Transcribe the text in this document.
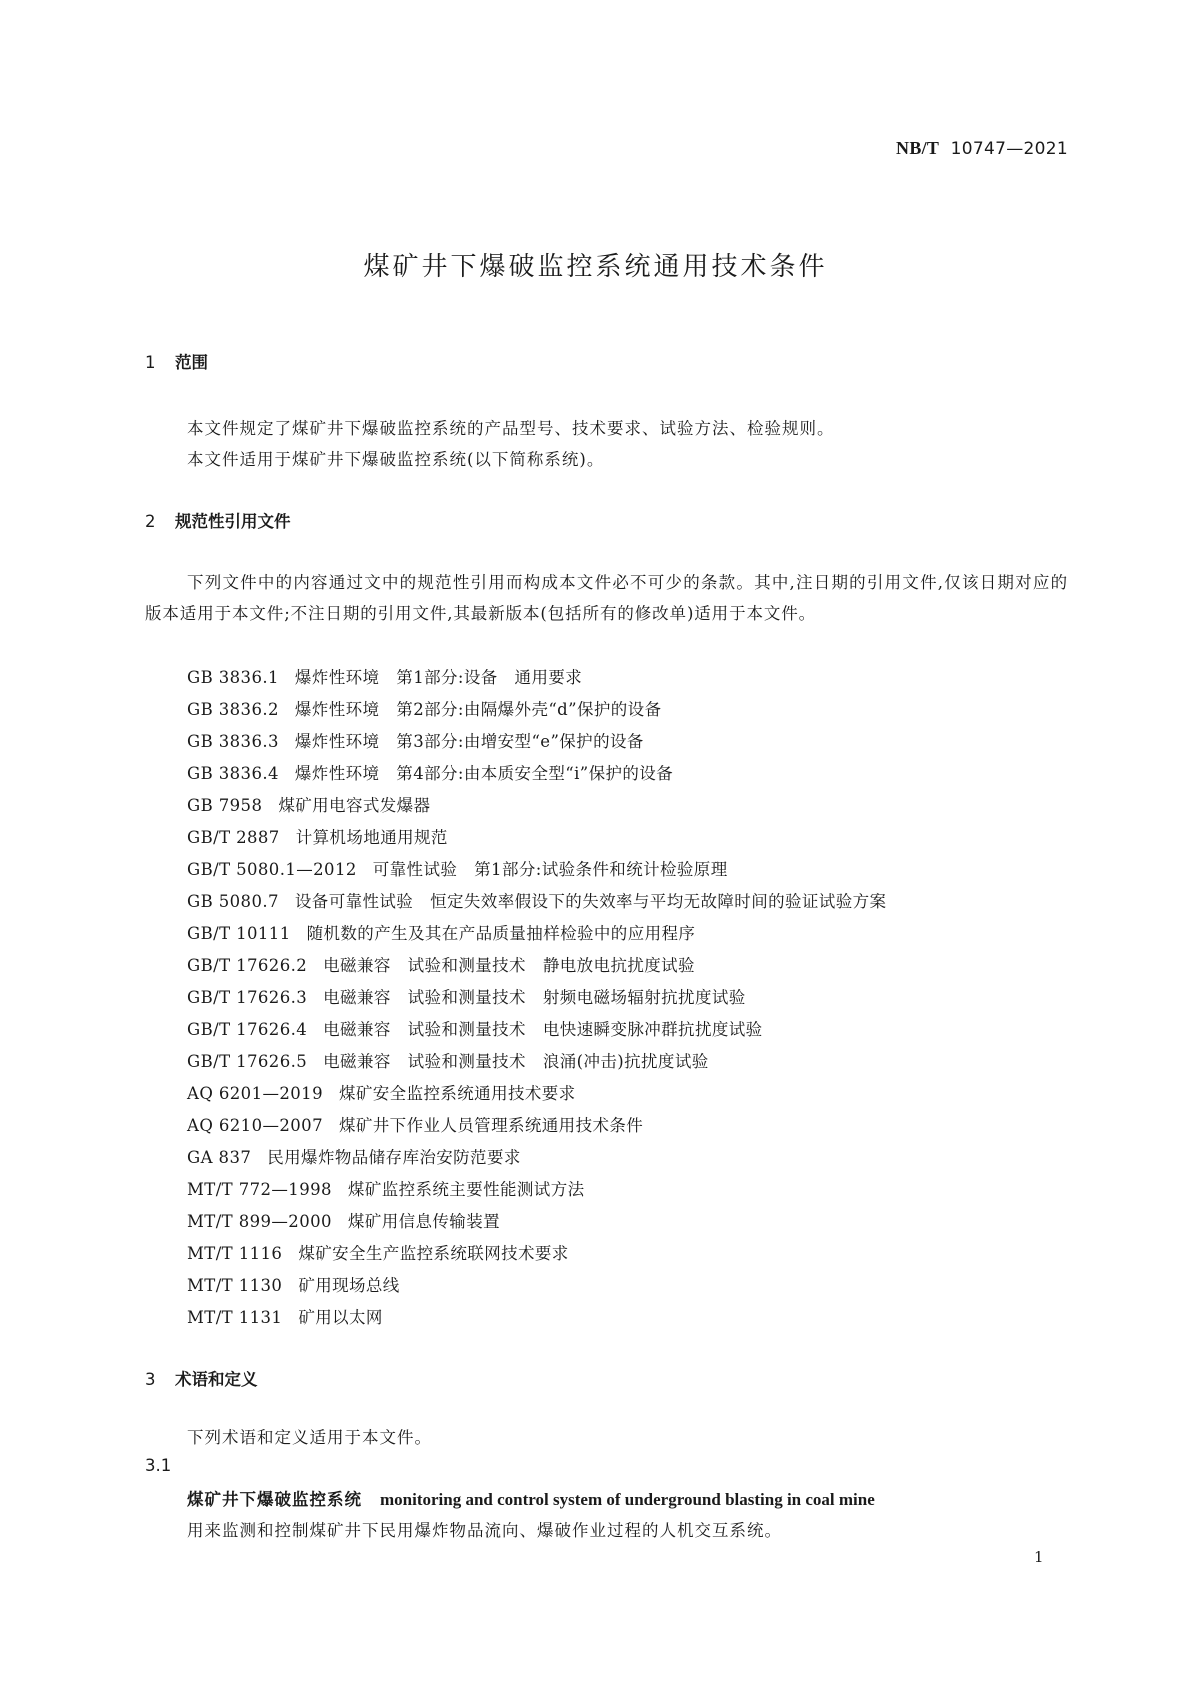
NB/T 10747—2021
煤矿井下爆破监控系统通用技术条件
1 范围
本文件规定了煤矿井下爆破监控系统的产品型号、技术要求、试验方法、检验规则。
本文件适用于煤矿井下爆破监控系统(以下简称系统)。
2 规范性引用文件
下列文件中的内容通过文中的规范性引用而构成本文件必不可少的条款。其中,注日期的引用文件,仅该日期对应的版本适用于本文件;不注日期的引用文件,其最新版本(包括所有的修改单)适用于本文件。
GB 3836.1 爆炸性环境　第1部分:设备　通用要求
GB 3836.2 爆炸性环境　第2部分:由隔爆外壳“d”保护的设备
GB 3836.3 爆炸性环境　第3部分:由增安型“e”保护的设备
GB 3836.4 爆炸性环境　第4部分:由本质安全型“i”保护的设备
GB 7958 煤矿用电容式发爆器
GB/T 2887 计算机场地通用规范
GB/T 5080.1—2012 可靠性试验　第1部分:试验条件和统计检验原理
GB 5080.7 设备可靠性试验　恒定失效率假设下的失效率与平均无故障时间的验证试验方案
GB/T 10111 随机数的产生及其在产品质量抽样检验中的应用程序
GB/T 17626.2 电磁兼容　试验和测量技术　静电放电抗扰度试验
GB/T 17626.3 电磁兼容　试验和测量技术　射频电磁场辐射抗扰度试验
GB/T 17626.4 电磁兼容　试验和测量技术　电快速瞬变脉冲群抗扰度试验
GB/T 17626.5 电磁兼容　试验和测量技术　浪涌(冲击)抗扰度试验
AQ 6201—2019 煤矿安全监控系统通用技术要求
AQ 6210—2007 煤矿井下作业人员管理系统通用技术条件
GA 837 民用爆炸物品储存库治安防范要求
MT/T 772—1998 煤矿监控系统主要性能测试方法
MT/T 899—2000 煤矿用信息传输装置
MT/T 1116 煤矿安全生产监控系统联网技术要求
MT/T 1130 矿用现场总线
MT/T 1131 矿用以太网
3 术语和定义
下列术语和定义适用于本文件。
3.1
煤矿井下爆破监控系统 monitoring and control system of underground blasting in coal mine
用来监测和控制煤矿井下民用爆炸物品流向、爆破作业过程的人机交互系统。
1
